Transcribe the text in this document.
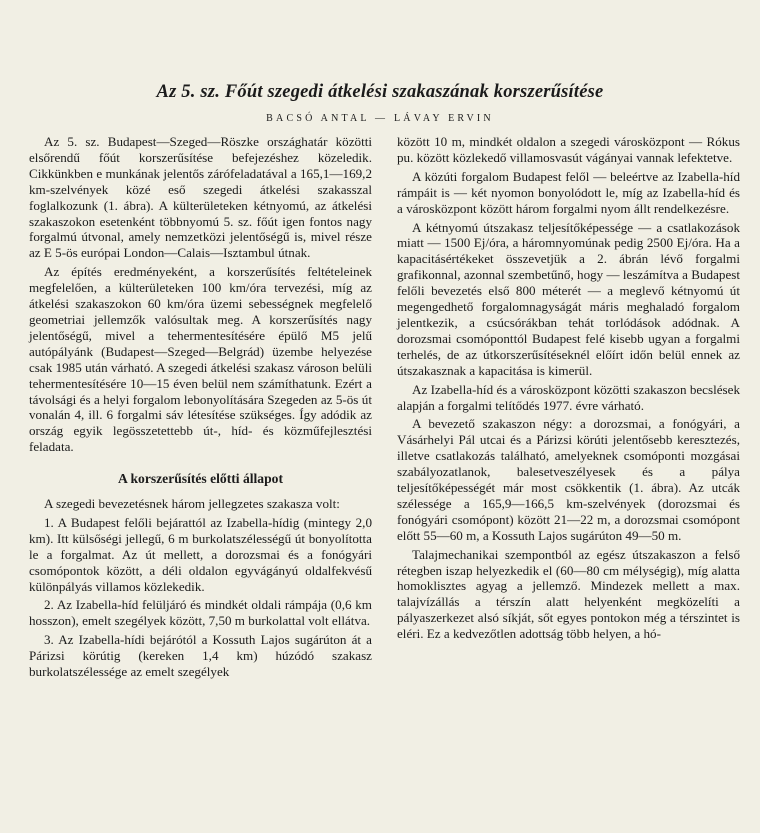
Az 5. sz. Főút szegedi átkelési szakaszának korszerűsítése
BACSÓ ANTAL — LÁVAY ERVIN

Az 5. sz. Budapest—Szeged—Röszke országhatár közötti elsőrendű főút korszerűsítése befejezéshez közeledik. Cikkünkben e munkának jelentős zárófeladatával a 165,1—169,2 km-szelvények közé eső szegedi átkelési szakasszal foglalkozunk (1. ábra). A külterületeken kétnyomú, az átkelési szakaszokon esetenként többnyomú 5. sz. főút igen fontos nagy forgalmú útvonal, amely nemzetközi jelentőségű is, mivel része az E 5-ös európai London—Calais—Isztambul útnak.

Az építés eredményeként, a korszerűsítés feltételeinek megfelelően, a külterületeken 100 km/óra tervezési, míg az átkelési szakaszokon 60 km/óra üzemi sebességnek megfelelő geometriai jellemzők valósultak meg. A korszerűsítés nagy jelentőségű, mivel a tehermentesítésére épülő M5 jelű autópályánk (Budapest—Szeged—Belgrád) üzembe helyezése csak 1985 után várható. A szegedi átkelési szakasz városon belüli tehermentesítésére 10—15 éven belül nem számíthatunk. Ezért a távolsági és a helyi forgalom lebonyolítására Szegeden az 5-ös út vonalán 4, ill. 6 forgalmi sáv létesítése szükséges. Így adódik az ország egyik legösszetettebb út-, híd- és közműfejlesztési feladata.

A korszerűsítés előtti állapot

A szegedi bevezetésnek három jellegzetes szakasza volt:

1. A Budapest felőli bejárattól az Izabella-hídig (mintegy 2,0 km). Itt külsőségi jellegű, 6 m burkolatszélességű út bonyolította le a forgalmat. Az út mellett, a dorozsmai és a fonógyári csomópontok között, a déli oldalon egyvágányú oldalfekvésű különpályás villamos közlekedik.

2. Az Izabella-híd felüljáró és mindkét oldali rámpája (0,6 km hosszon), emelt szegélyek között, 7,50 m burkolattal volt ellátva.

3. Az Izabella-hídi bejárótól a Kossuth Lajos sugárúton át a Párizsi körútig (kereken 1,4 km) húzódó szakasz burkolatszélessége az emelt szegélyek

között 10 m, mindkét oldalon a szegedi városközpont — Rókus pu. között közlekedő villamosvasút vágányai vannak lefektetve.

A közúti forgalom Budapest felől — beleértve az Izabella-híd rámpáit is — két nyomon bonyolódott le, míg az Izabella-híd és a városközpont között három forgalmi nyom állt rendelkezésre.

A kétnyomú útszakasz teljesítőképessége — a csatlakozások miatt — 1500 Ej/óra, a háromnyomúnak pedig 2500 Ej/óra. Ha a kapacitásértékeket összevetjük a 2. ábrán lévő forgalmi grafikonnal, azonnal szembetűnő, hogy — leszámítva a Budapest felőli bevezetés első 800 méterét — a meglevő kétnyomú út megengedhető forgalomnagyságát máris meghaladó forgalom jelentkezik, a csúcsórákban tehát torlódások adódnak. A dorozsmai csomóponttól Budapest felé kisebb ugyan a forgalmi terhelés, de az útkorszerűsítéseknél előírt időn belül ennek az útszakasznak a kapacitása is kimerül.

Az Izabella-híd és a városközpont közötti szakaszon becslések alapján a forgalmi telítődés 1977. évre várható.

A bevezető szakaszon négy: a dorozsmai, a fonógyári, a Vásárhelyi Pál utcai és a Párizsi körúti jelentősebb keresztezés, illetve csatlakozás található, amelyeknek csomóponti mozgásai szabályozatlanok, balesetveszélyesek és a pálya teljesítőképességét már most csökkentik (1. ábra). Az utcák szélessége a 165,9—166,5 km-szelvények (dorozsmai és fonógyári csomópont) között 21—22 m, a dorozsmai csomópont előtt 55—60 m, a Kossuth Lajos sugárúton 49—50 m.

Talajmechanikai szempontból az egész útszakaszon a felső rétegben iszap helyezkedik el (60—80 cm mélységig), míg alatta homoklisztes agyag a jellemző. Mindezek mellett a max. talajvízállás a térszín alatt helyenként megközelíti a pályaszerkezet alsó síkját, sőt egyes pontokon még a térszintet is eléri. Ez a kedvezőtlen adottság több helyen, a hó-
